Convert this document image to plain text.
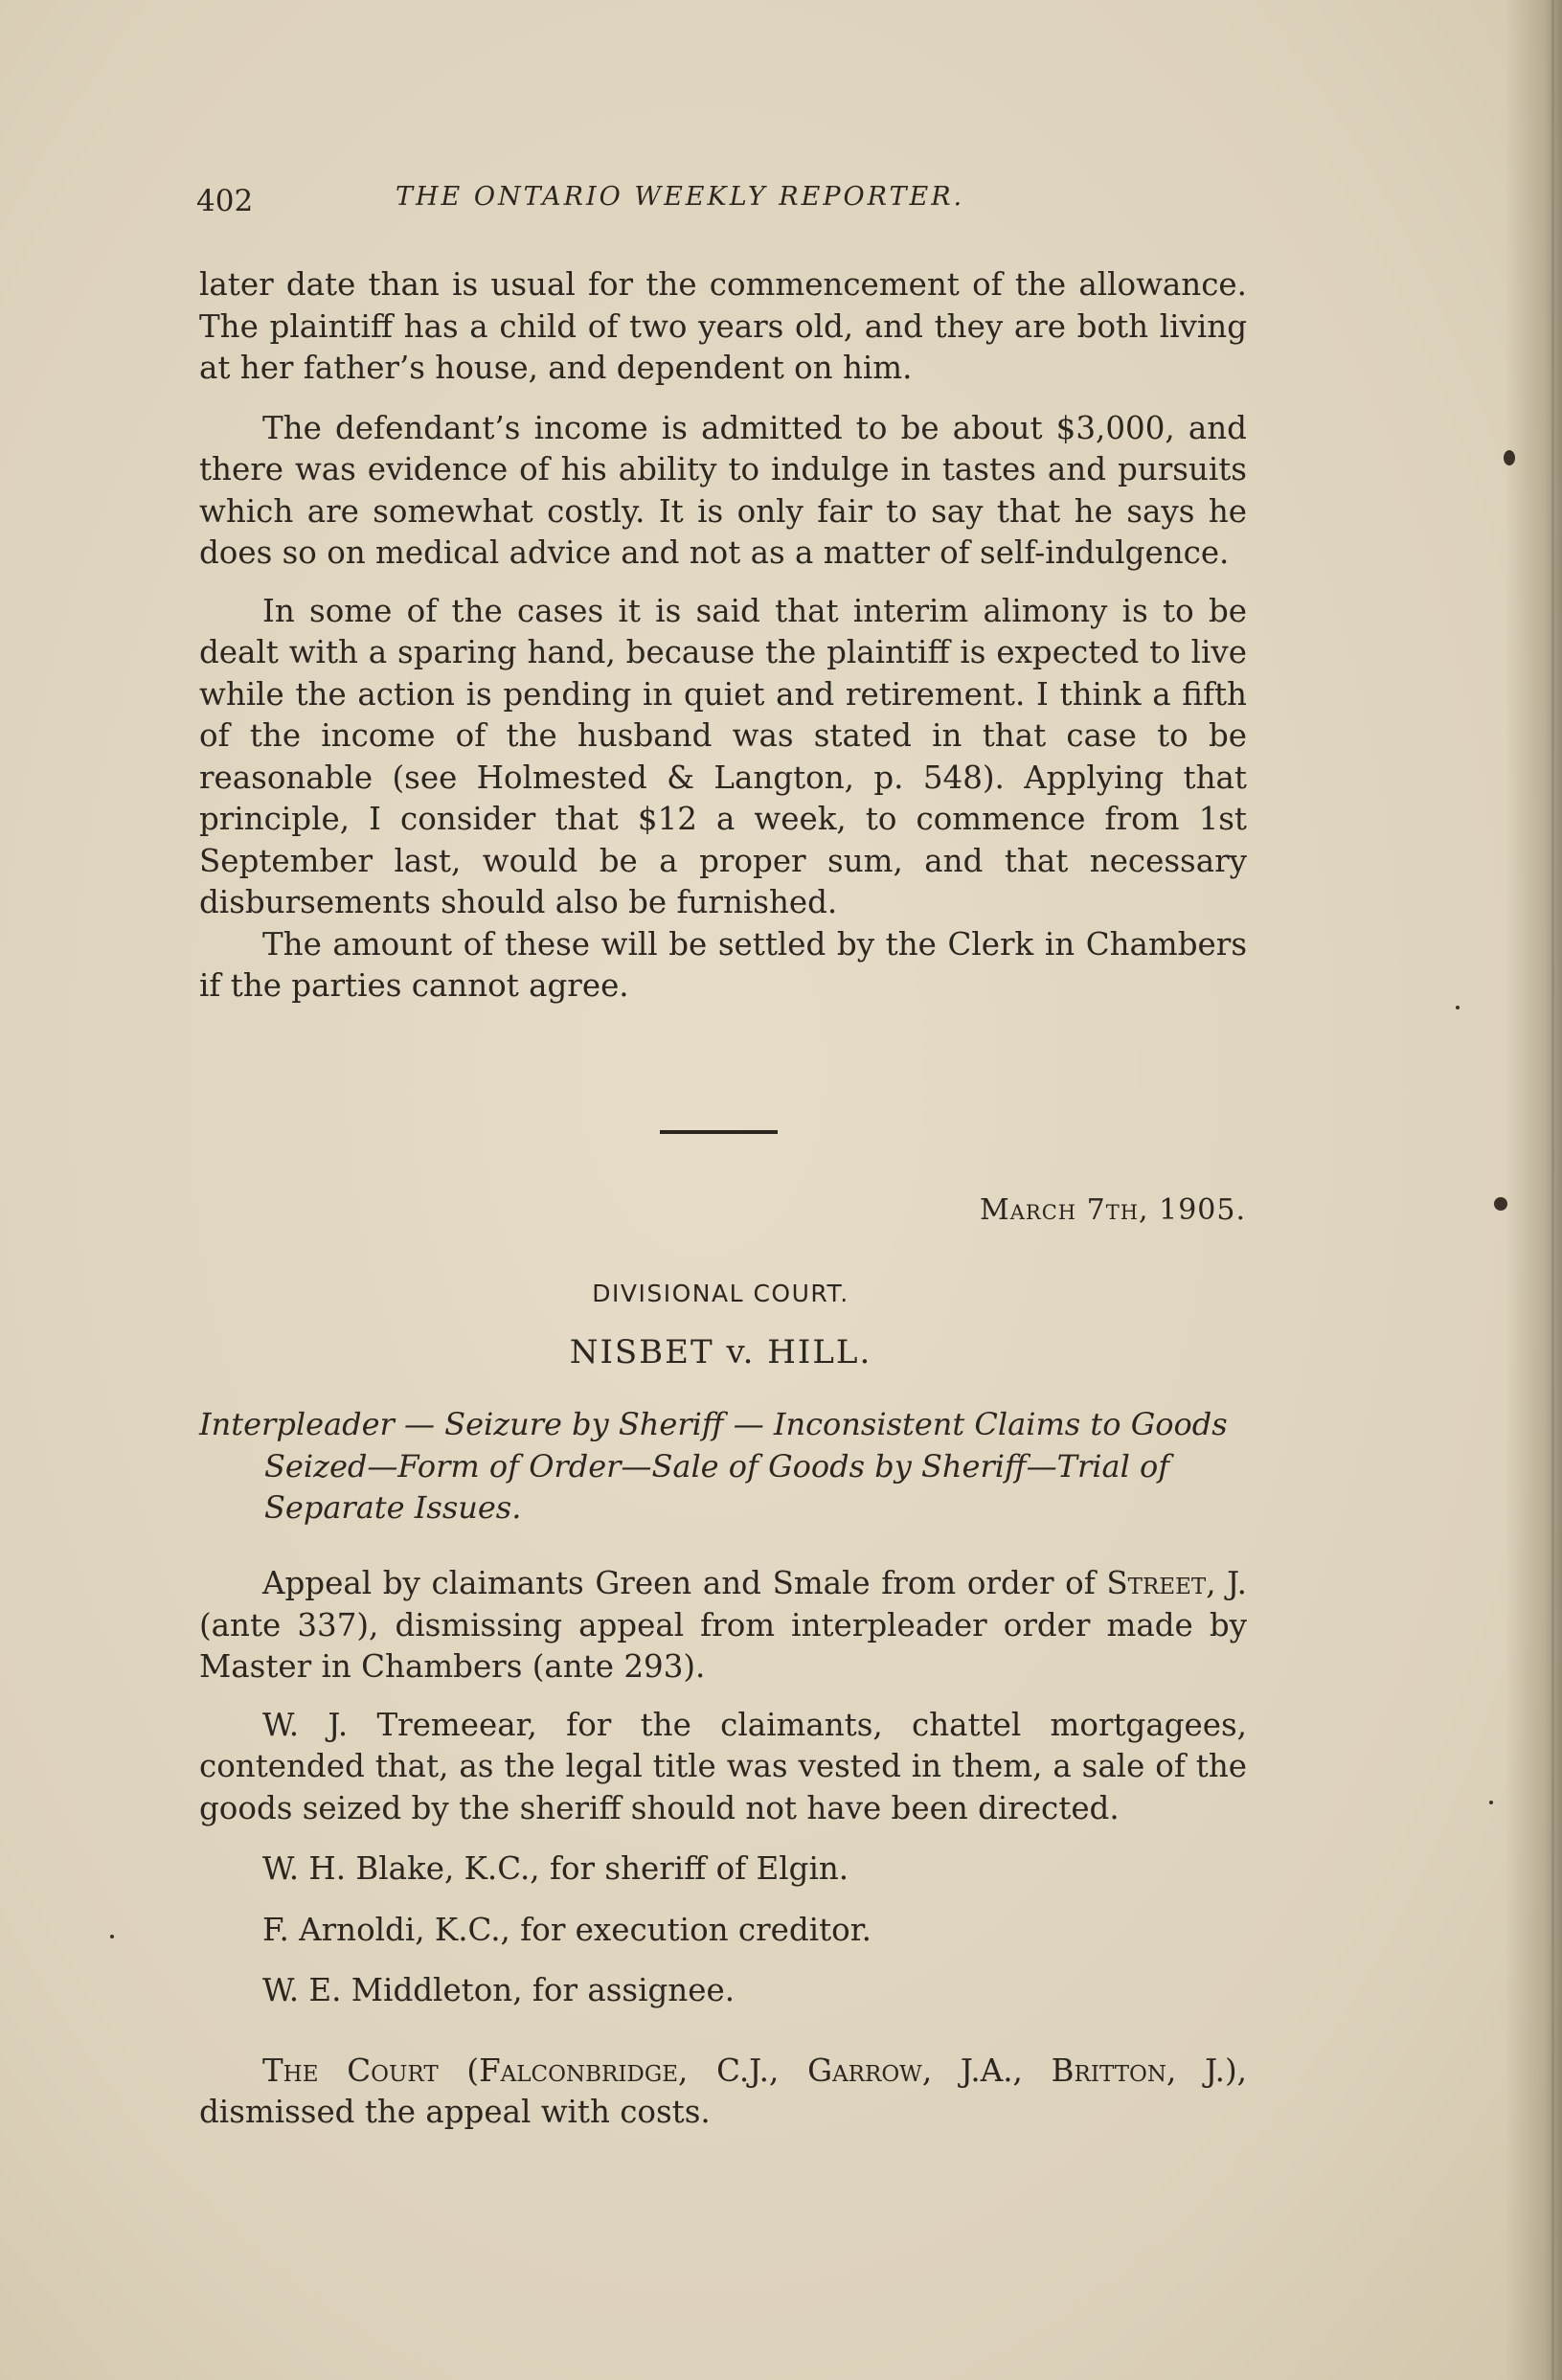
402	THE ONTARIO WEEKLY REPORTER.

later date than is usual for the commencement of the allowance. The plaintiff has a child of two years old, and they are both living at her father’s house, and dependent on him.

The defendant’s income is admitted to be about $3,000, and there was evidence of his ability to indulge in tastes and pursuits which are somewhat costly. It is only fair to say that he says he does so on medical advice and not as a matter of self-indulgence.

In some of the cases it is said that interim alimony is to be dealt with a sparing hand, because the plaintiff is expected to live while the action is pending in quiet and retirement. I think a fifth of the income of the husband was stated in that case to be reasonable (see Holmested & Langton, p. 548). Applying that principle, I consider that $12 a week, to commence from 1st September last, would be a proper sum, and that necessary disbursements should also be furnished.

The amount of these will be settled by the Clerk in Chambers if the parties cannot agree.

March 7th, 1905.
DIVISIONAL COURT.
NISBET v. HILL.
Interpleader — Seizure by Sheriff — Inconsistent Claims to Goods Seized—Form of Order—Sale of Goods by Sheriff—Trial of Separate Issues.

Appeal by claimants Green and Smale from order of Street, J. (ante 337), dismissing appeal from interpleader order made by Master in Chambers (ante 293).

W. J. Tremeear, for the claimants, chattel mortgagees, contended that, as the legal title was vested in them, a sale of the goods seized by the sheriff should not have been directed.

W. H. Blake, K.C., for sheriff of Elgin.

F. Arnoldi, K.C., for execution creditor.

W. E. Middleton, for assignee.

The Court (Falconbridge, C.J., Garrow, J.A., Britton, J.), dismissed the appeal with costs.
